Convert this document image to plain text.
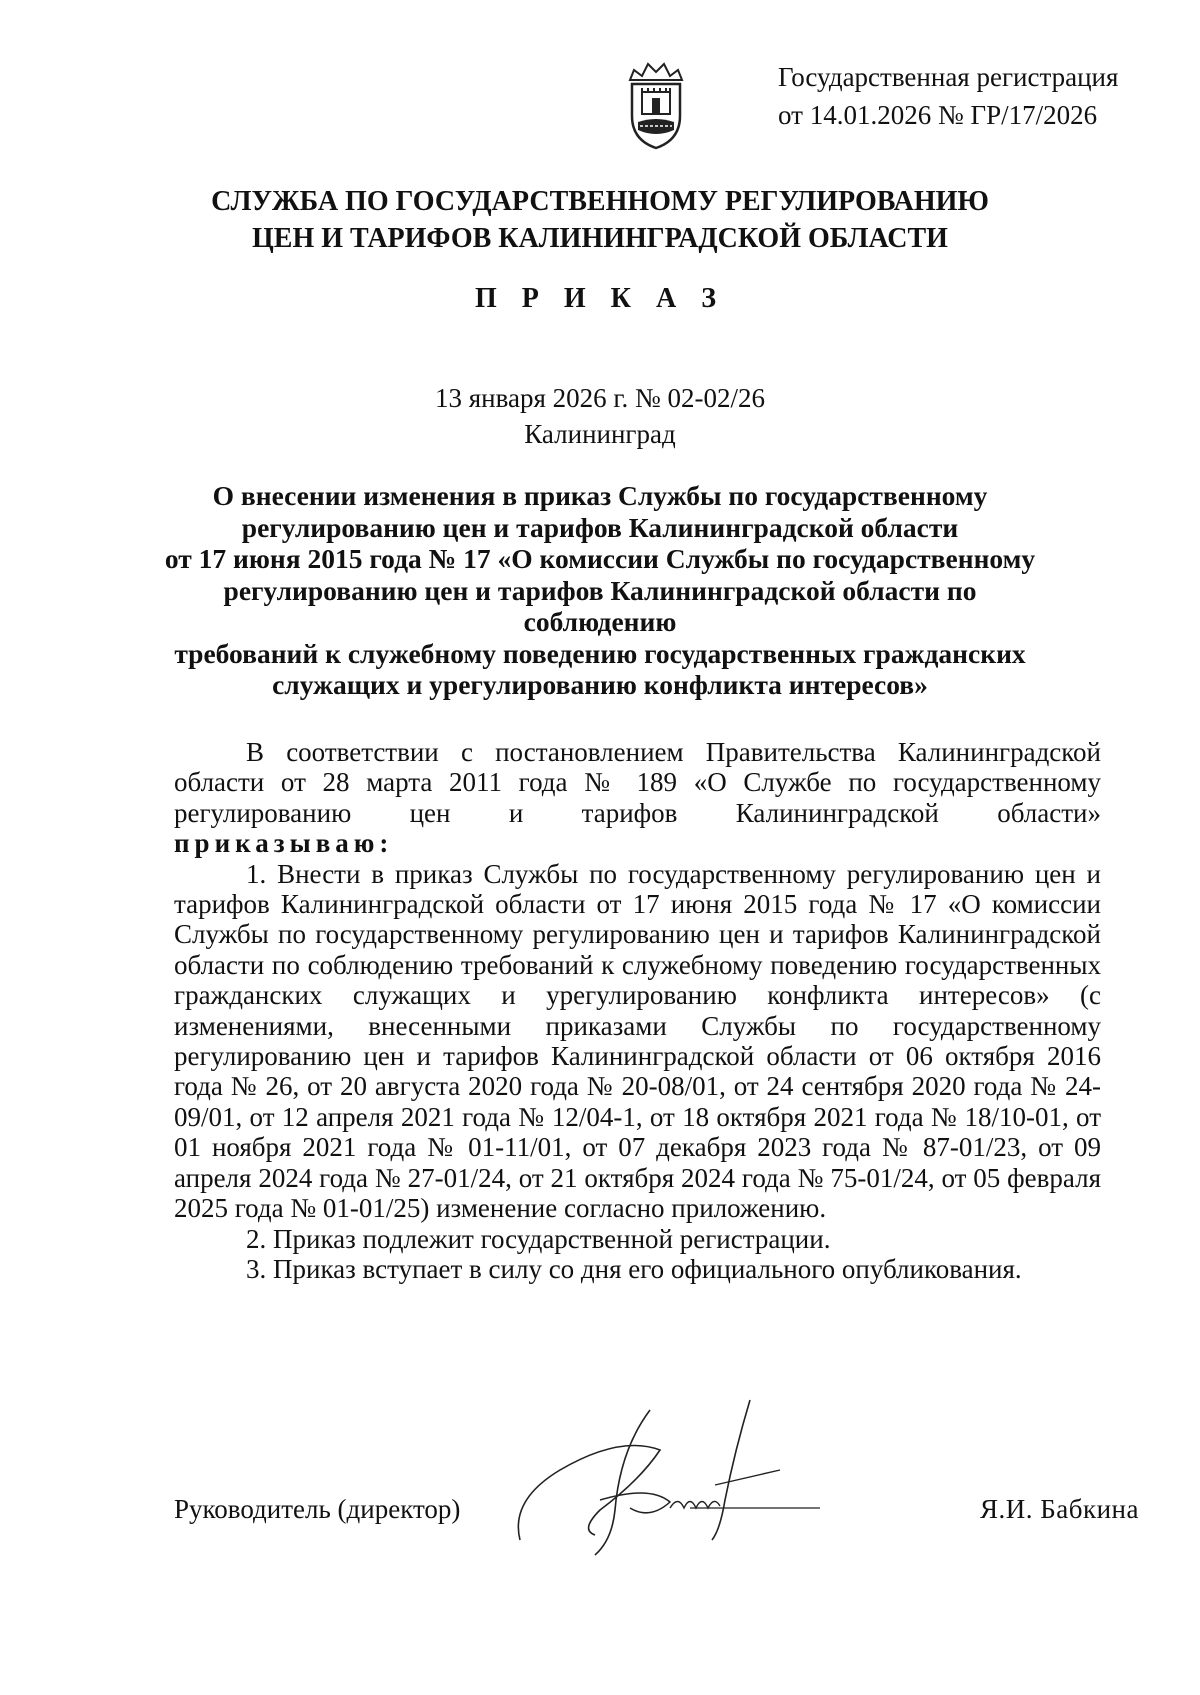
Государственная регистрация
от 14.01.2026 № ГР/17/2026
СЛУЖБА ПО ГОСУДАРСТВЕННОМУ РЕГУЛИРОВАНИЮ
ЦЕН И ТАРИФОВ КАЛИНИНГРАДСКОЙ ОБЛАСТИ
П Р И К А З
13 января 2026 г. № 02-02/26
Калининград
О внесении изменения в приказ Службы по государственному
регулированию цен и тарифов Калининградской области
от 17 июня 2015 года № 17 «О комиссии Службы по государственному
регулированию цен и тарифов Калининградской области по соблюдению
требований к служебному поведению государственных гражданских
служащих и урегулированию конфликта интересов»

В соответствии с постановлением Правительства Калининградской области от 28 марта 2011 года № 189 «О Службе по государственному регулированию цен и тарифов Калининградской области»

приказываю:

1. Внести в приказ Службы по государственному регулированию цен и тарифов Калининградской области от 17 июня 2015 года № 17 «О комиссии Службы по государственному регулированию цен и тарифов Калининградской области по соблюдению требований к служебному поведению государственных гражданских служащих и урегулированию конфликта интересов» (с изменениями, внесенными приказами Службы по государственному регулированию цен и тарифов Калининградской области от 06 октября 2016 года № 26, от 20 августа 2020 года № 20-08/01, от 24 сентября 2020 года № 24-09/01, от 12 апреля 2021 года № 12/04-1, от 18 октября 2021 года № 18/10-01, от 01 ноября 2021 года № 01-11/01, от 07 декабря 2023 года № 87-01/23, от 09 апреля 2024 года № 27-01/24, от 21 октября 2024 года № 75-01/24, от 05 февраля 2025 года № 01-01/25) изменение согласно приложению.

2. Приказ подлежит государственной регистрации.

3. Приказ вступает в силу со дня его официального опубликования.

Руководитель (директор)	Я.И. Бабкина
